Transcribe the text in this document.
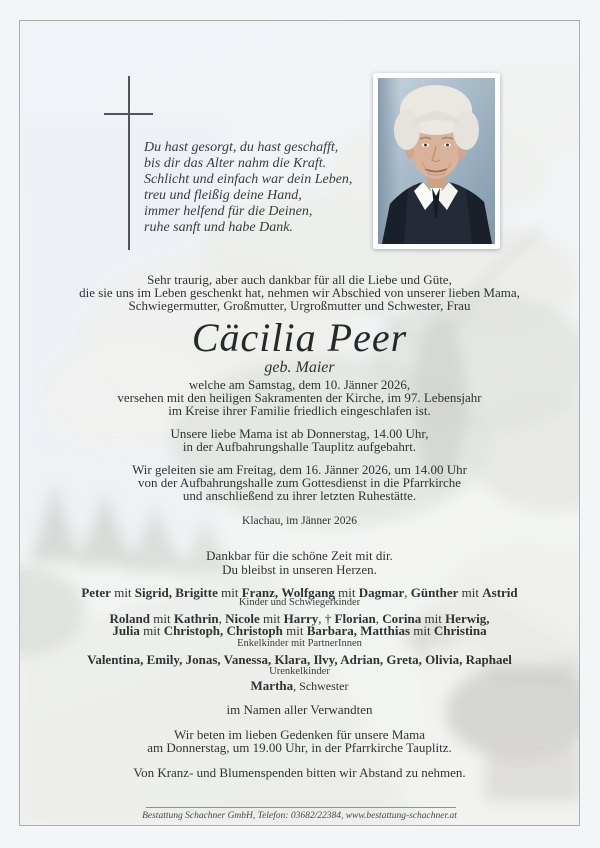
Du hast gesorgt, du hast geschafft,
bis dir das Alter nahm die Kraft.
Schlicht und einfach war dein Leben,
treu und fleißig deine Hand,
immer helfend für die Deinen,
ruhe sanft und habe Dank.
Sehr traurig, aber auch dankbar für all die Liebe und Güte,
die sie uns im Leben geschenkt hat, nehmen wir Abschied von unserer lieben Mama,
Schwiegermutter, Großmutter, Urgroßmutter und Schwester, Frau
Cäcilia Peer
geb. Maier
welche am Samstag, dem 10. Jänner 2026,
versehen mit den heiligen Sakramenten der Kirche, im 97. Lebensjahr
im Kreise ihrer Familie friedlich eingeschlafen ist.
Unsere liebe Mama ist ab Donnerstag, 14.00 Uhr,
in der Aufbahrungshalle Tauplitz aufgebahrt.
Wir geleiten sie am Freitag, dem 16. Jänner 2026, um 14.00 Uhr
von der Aufbahrungshalle zum Gottesdienst in die Pfarrkirche
und anschließend zu ihrer letzten Ruhestätte.
Klachau, im Jänner 2026
Dankbar für die schöne Zeit mit dir.
Du bleibst in unseren Herzen.
Peter mit Sigrid, Brigitte mit Franz, Wolfgang mit Dagmar, Günther mit Astrid
Kinder und Schwiegerkinder
Roland mit Kathrin, Nicole mit Harry, † Florian, Corina mit Herwig,
Julia mit Christoph, Christoph mit Barbara, Matthias mit Christina
Enkelkinder mit PartnerInnen
Valentina, Emily, Jonas, Vanessa, Klara, Ilvy, Adrian, Greta, Olivia, Raphael
Urenkelkinder
Martha, Schwester
im Namen aller Verwandten
Wir beten im lieben Gedenken für unsere Mama
am Donnerstag, um 19.00 Uhr, in der Pfarrkirche Tauplitz.
Von Kranz- und Blumenspenden bitten wir Abstand zu nehmen.
Bestattung Schachner GmbH, Telefon: 03682/22384, www.bestattung-schachner.at
